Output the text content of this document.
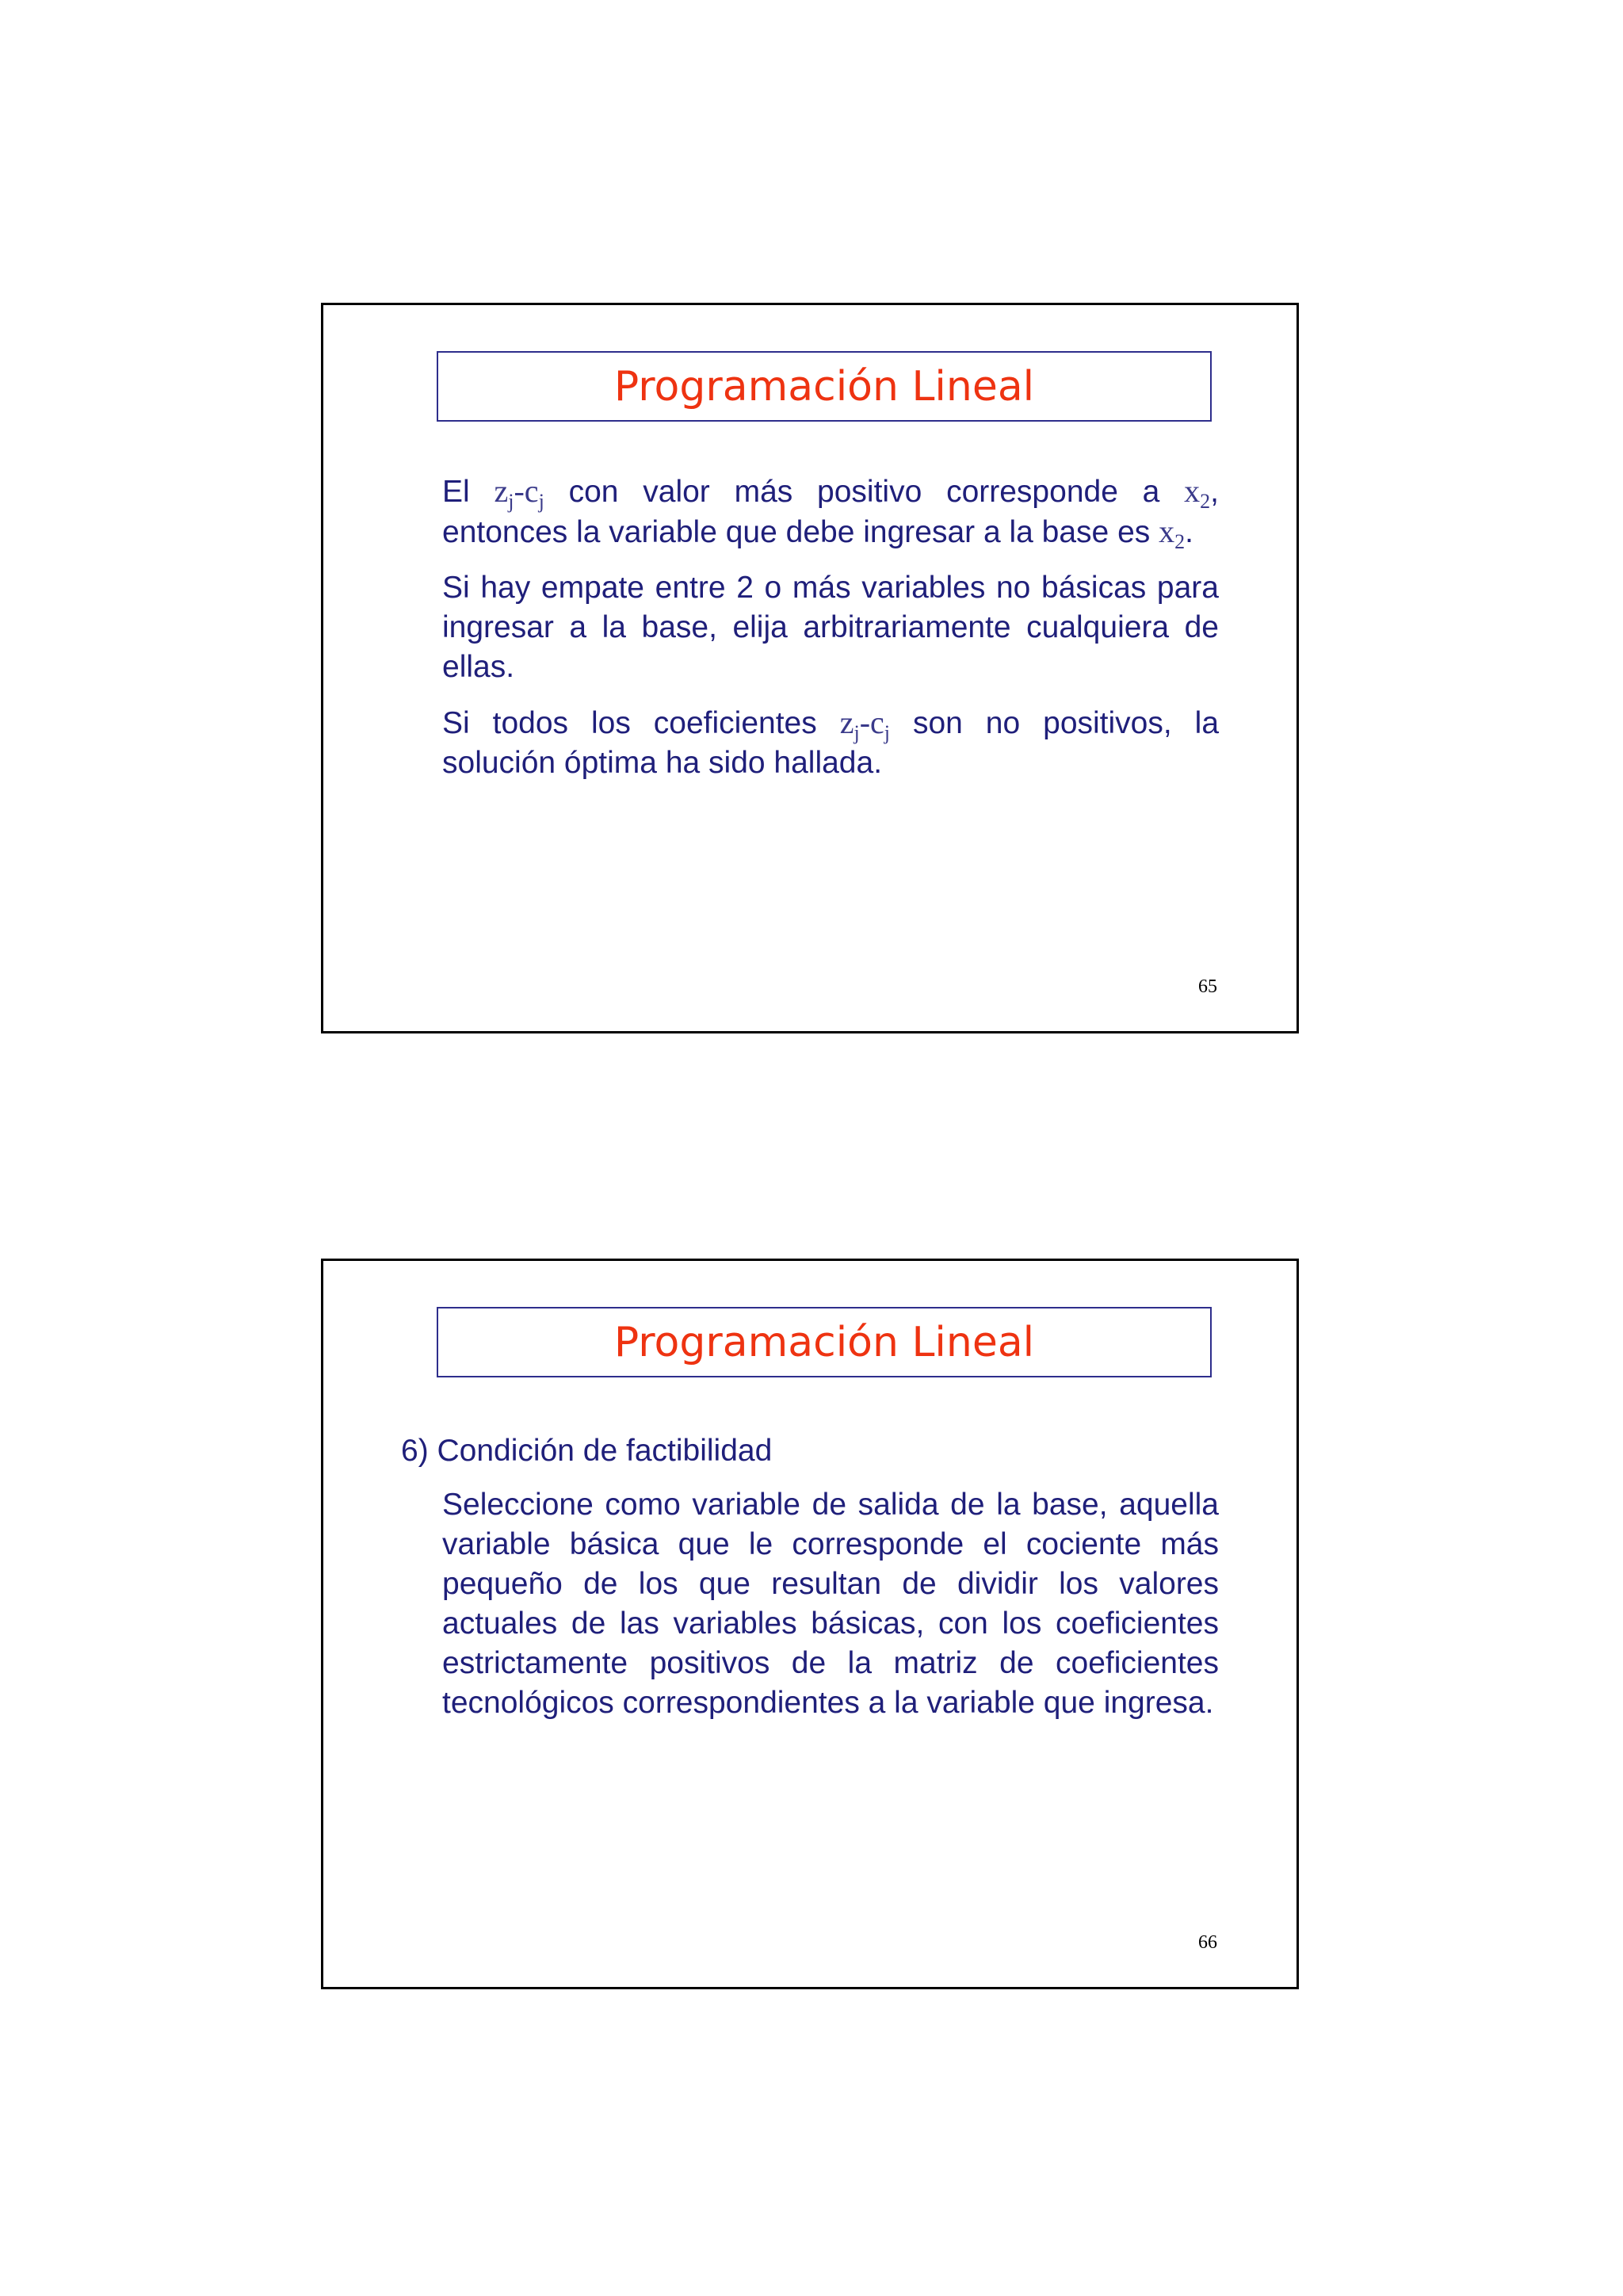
Programación Lineal

El $z_j-c_j$ con valor más positivo corresponde a $x_2$, entonces la variable que debe ingresar a la base es $x_2$.

Si hay empate entre 2 o más variables no básicas para ingresar a la base, elija arbitrariamente cualquiera de ellas.

Si todos los coeficientes $z_j-c_j$ son no positivos, la solución óptima ha sido hallada.

65
Programación Lineal
6) Condición de factibilidad

Seleccione como variable de salida de la base, aquella variable básica que le corresponde el cociente más pequeño de los que resultan de dividir los valores actuales de las variables básicas, con los coeficientes estrictamente positivos de la matriz de coeficientes tecnológicos correspondientes a la variable que ingresa.

66
